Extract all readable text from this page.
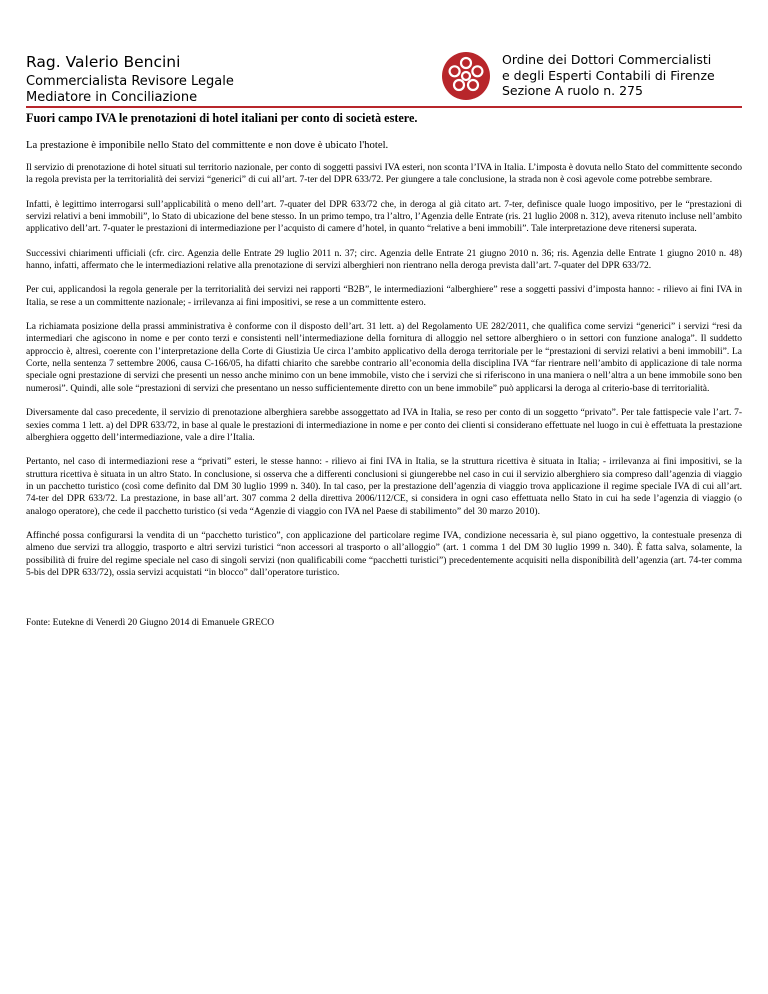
Rag. Valerio Bencini
Commercialista Revisore Legale
Mediatore in Conciliazione
Ordine dei Dottori Commercialisti
e degli Esperti Contabili di Firenze
Sezione A ruolo n. 275
Fuori campo IVA le prenotazioni di hotel italiani per conto di società estere.
La prestazione è imponibile nello Stato del committente e non dove è ubicato l'hotel.

Il servizio di prenotazione di hotel situati sul territorio nazionale, per conto di soggetti passivi IVA esteri, non sconta l’IVA in Italia. L’imposta è dovuta nello Stato del committente secondo la regola prevista per la territorialità dei servizi “generici” di cui all’art. 7-ter del DPR 633/72. Per giungere a tale conclusione, la strada non è così agevole come potrebbe sembrare.

Infatti, è legittimo interrogarsi sull’applicabilità o meno dell’art. 7-quater del DPR 633/72 che, in deroga al già citato art. 7-ter, definisce quale luogo impositivo, per le “prestazioni di servizi relativi a beni immobili”, lo Stato di ubicazione del bene stesso. In un primo tempo, tra l’altro, l’Agenzia delle Entrate (ris. 21 luglio 2008 n. 312), aveva ritenuto incluse nell’ambito applicativo dell’art. 7-quater le prestazioni di intermediazione per l’acquisto di camere d’hotel, in quanto “relative a beni immobili”. Tale interpretazione deve ritenersi superata.

Successivi chiarimenti ufficiali (cfr. circ. Agenzia delle Entrate 29 luglio 2011 n. 37; circ. Agenzia delle Entrate 21 giugno 2010 n. 36; ris. Agenzia delle Entrate 1 giugno 2010 n. 48) hanno, infatti, affermato che le intermediazioni relative alla prenotazione di servizi alberghieri non rientrano nella deroga prevista dall’art. 7-quater del DPR 633/72.

Per cui, applicandosi la regola generale per la territorialità dei servizi nei rapporti “B2B”, le intermediazioni “alberghiere” rese a soggetti passivi d’imposta hanno: - rilievo ai fini IVA in Italia, se rese a un committente nazionale; - irrilevanza ai fini impositivi, se rese a un committente estero.

La richiamata posizione della prassi amministrativa è conforme con il disposto dell’art. 31 lett. a) del Regolamento UE 282/2011, che qualifica come servizi “generici” i servizi “resi da intermediari che agiscono in nome e per conto terzi e consistenti nell’intermediazione della fornitura di alloggio nel settore alberghiero o in settori con funzione analoga”. Il suddetto approccio è, altresì, coerente con l’interpretazione della Corte di Giustizia Ue circa l’ambito applicativo della deroga territoriale per le “prestazioni di servizi relativi a beni immobili”. La Corte, nella sentenza 7 settembre 2006, causa C-166/05, ha difatti chiarito che sarebbe contrario all’economia della disciplina IVA “far rientrare nell’ambito di applicazione di tale norma speciale ogni prestazione di servizi che presenti un nesso anche minimo con un bene immobile, visto che i servizi che si riferiscono in una maniera o nell’altra a un bene immobile sono ben numerosi”. Quindi, alle sole “prestazioni di servizi che presentano un nesso sufficientemente diretto con un bene immobile” può applicarsi la deroga al criterio-base di territorialità.

Diversamente dal caso precedente, il servizio di prenotazione alberghiera sarebbe assoggettato ad IVA in Italia, se reso per conto di un soggetto “privato”. Per tale fattispecie vale l’art. 7-sexies comma 1 lett. a) del DPR 633/72, in base al quale le prestazioni di intermediazione in nome e per conto dei clienti si considerano effettuate nel luogo in cui è effettuata la prestazione alberghiera oggetto dell’intermediazione, vale a dire l’Italia.

Pertanto, nel caso di intermediazioni rese a “privati” esteri, le stesse hanno: - rilievo ai fini IVA in Italia, se la struttura ricettiva è situata in Italia; - irrilevanza ai fini impositivi, se la struttura ricettiva è situata in un altro Stato. In conclusione, si osserva che a differenti conclusioni si giungerebbe nel caso in cui il servizio alberghiero sia compreso dall’agenzia di viaggio in un pacchetto turistico (così come definito dal DM 30 luglio 1999 n. 340). In tal caso, per la prestazione dell’agenzia di viaggio trova applicazione il regime speciale IVA di cui all’art. 74-ter del DPR 633/72. La prestazione, in base all’art. 307 comma 2 della direttiva 2006/112/CE, si considera in ogni caso effettuata nello Stato in cui ha sede l’agenzia di viaggio (o analogo operatore), che cede il pacchetto turistico (si veda “Agenzie di viaggio con IVA nel Paese di stabilimento” del 30 marzo 2010).

Affinché possa configurarsi la vendita di un “pacchetto turistico”, con applicazione del particolare regime IVA, condizione necessaria è, sul piano oggettivo, la contestuale presenza di almeno due servizi tra alloggio, trasporto e altri servizi turistici “non accessori al trasporto o all’alloggio” (art. 1 comma 1 del DM 30 luglio 1999 n. 340). È fatta salva, solamente, la possibilità di fruire del regime speciale nel caso di singoli servizi (non qualificabili come “pacchetti turistici”) precedentemente acquisiti nella disponibilità dell’agenzia (art. 74-ter comma 5-bis del DPR 633/72), ossia servizi acquistati “in blocco” dall’operatore turistico.

Fonte: Eutekne di Venerdì 20 Giugno 2014 di Emanuele GRECO
